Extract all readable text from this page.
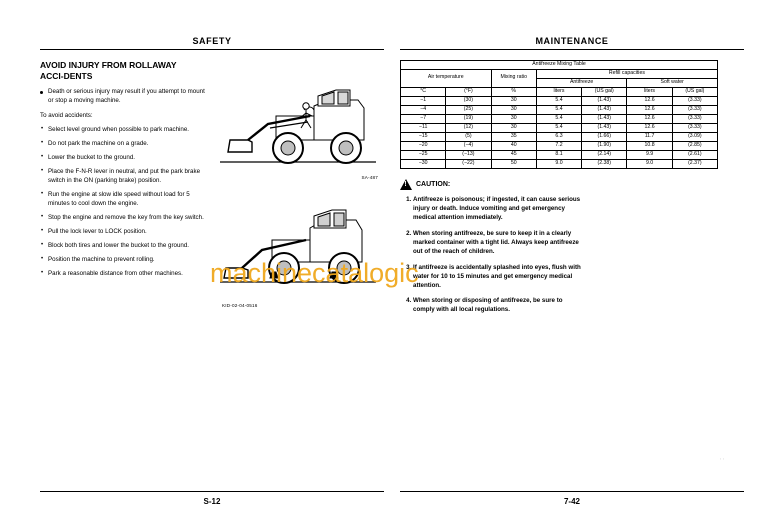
SAFETY
AVOID INJURY FROM ROLLAWAY ACCI-DENTS
Death or serious injury may result if you attempt to mount or stop a moving machine.
To avoid accidents:
• Select level ground when possible to park machine.
• Do not park the machine on a grade.
• Lower the bucket to the ground.
• Place the F-N-R lever in neutral, and put the park brake switch in the ON (parking brake) position.
• Run the engine at slow idle speed without load for 5 minutes to cool down the engine.
• Stop the engine and remove the key from the key switch.
• Pull the lock lever to LOCK position.
• Block both tires and lower the bucket to the ground.
• Position the machine to prevent rolling.
• Park a reasonable distance from other machines.
SA-487
KID-02-04-0516
S-12
MAINTENANCE
Antifreeze Mixing Table						
Air temperature		Mixing ratio	Refill capacities			
			Antifreeze		Soft water	
°C	(°F)	%	liters	(US gal)	liters	(US gal)
−1	(30)	30	5.4	(1.43)	12.6	(3.33)
−4	(25)	30	5.4	(1.43)	12.6	(3.33)
−7	(19)	30	5.4	(1.43)	12.6	(3.33)
−11	(12)	30	5.4	(1.43)	12.6	(3.33)
−15	(5)	35	6.3	(1.66)	11.7	(3.09)
−20	(−4)	40	7.2	(1.90)	10.8	(2.85)
−25	(−13)	45	8.1	(2.14)	9.9	(2.61)
−30	(−22)	50	9.0	(2.38)	9.0	(2.37)
!
CAUTION:
1. Antifreeze is poisonous; if ingested, it can cause serious injury or death. Induce vomiting and get emergency medical attention immediately.
2. When storing antifreeze, be sure to keep it in a clearly marked container with a tight lid. Always keep antifreeze out of the reach of children.
3. If antifreeze is accidentally splashed into eyes, flush with water for 10 to 15 minutes and get emergency medical attention.
4. When storing or disposing of antifreeze, be sure to comply with all local regulations.
7-42
machinecatalogic
, ,
